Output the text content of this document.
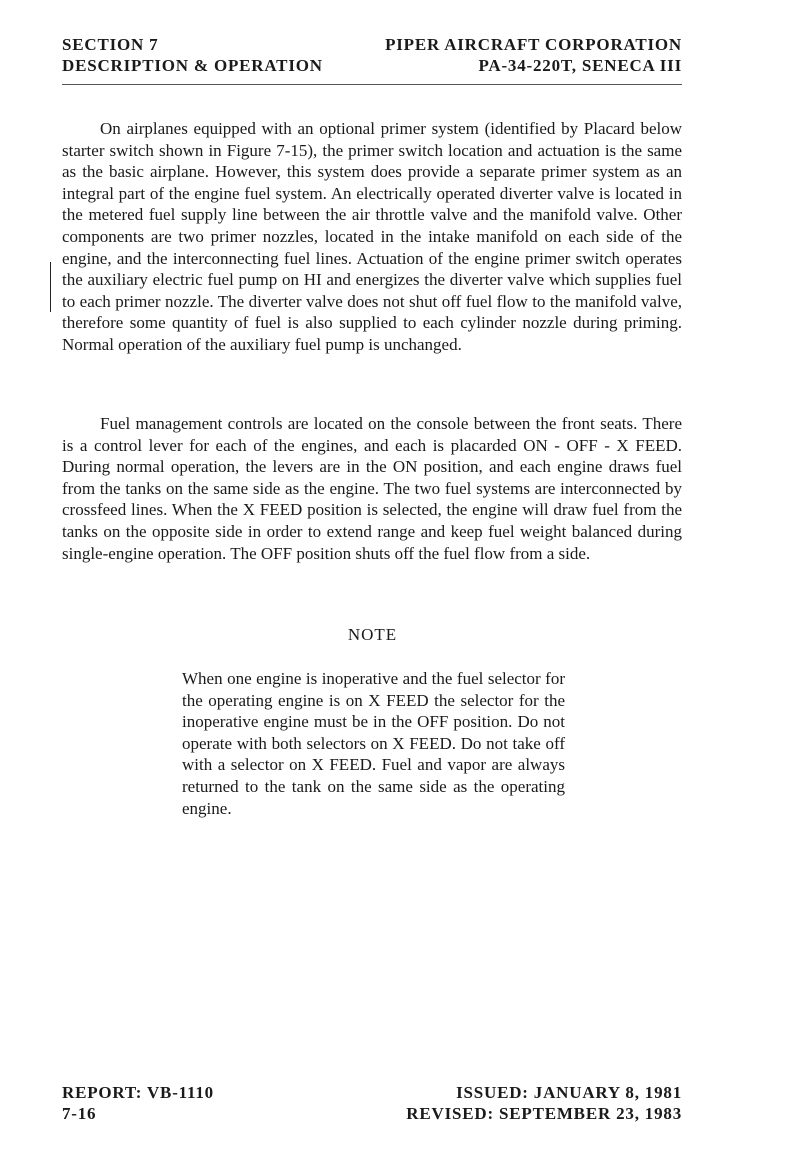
SECTION 7	PIPER AIRCRAFT CORPORATION
DESCRIPTION & OPERATION	PA-34-220T, SENECA III

On airplanes equipped with an optional primer system (identified by Placard below starter switch shown in Figure 7-15), the primer switch location and actuation is the same as the basic airplane. However, this system does provide a separate primer system as an integral part of the engine fuel system. An electrically operated diverter valve is located in the metered fuel supply line between the air throttle valve and the manifold valve. Other components are two primer nozzles, located in the intake manifold on each side of the engine, and the interconnecting fuel lines. Actuation of the engine primer switch operates the auxiliary electric fuel pump on HI and energizes the diverter valve which supplies fuel to each primer nozzle. The diverter valve does not shut off fuel flow to the manifold valve, therefore some quantity of fuel is also supplied to each cylinder nozzle during priming. Normal operation of the auxiliary fuel pump is unchanged.

Fuel management controls are located on the console between the front seats. There is a control lever for each of the engines, and each is placarded ON - OFF - X FEED. During normal operation, the levers are in the ON position, and each engine draws fuel from the tanks on the same side as the engine. The two fuel systems are interconnected by crossfeed lines. When the X FEED position is selected, the engine will draw fuel from the tanks on the opposite side in order to extend range and keep fuel weight balanced during single-engine operation. The OFF position shuts off the fuel flow from a side.

NOTE

When one engine is inoperative and the fuel selector for the operating engine is on X FEED the selector for the inoperative engine must be in the OFF position. Do not operate with both selectors on X FEED. Do not take off with a selector on X FEED. Fuel and vapor are always returned to the tank on the same side as the operating engine.

REPORT: VB-1110	ISSUED: JANUARY 8, 1981
7-16	REVISED: SEPTEMBER 23, 1983
